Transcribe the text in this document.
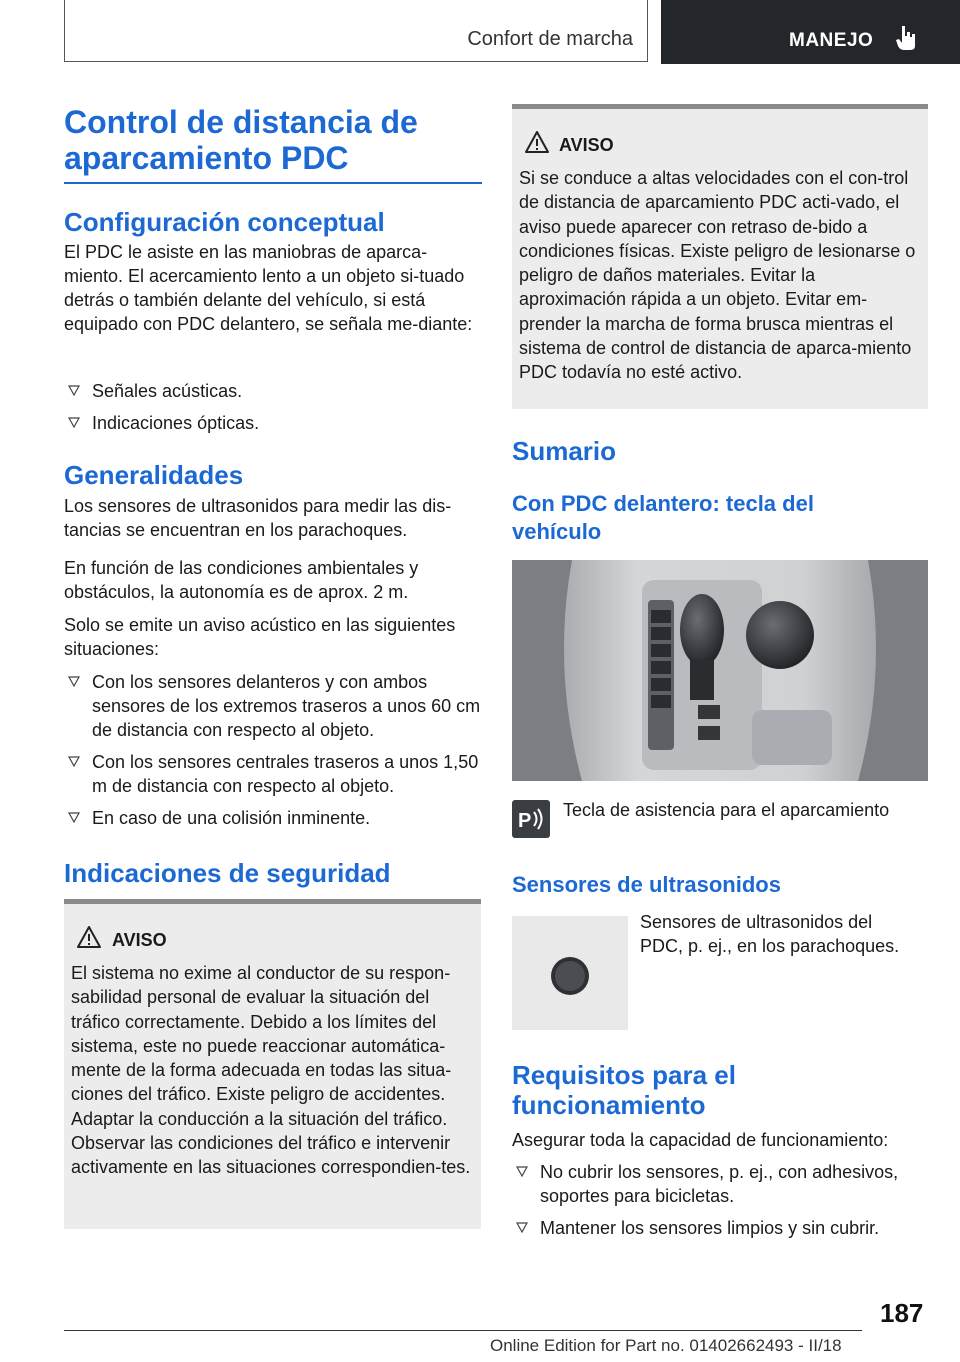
Confort de marcha	MANEJO
Control de distancia de aparcamiento PDC
Configuración conceptual

El PDC le asiste en las maniobras de aparca-miento. El acercamiento lento a un objeto si-tuado detrás o también delante del vehículo, si está equipado con PDC delantero, se señala me-diante:

Señales acústicas.
Indicaciones ópticas.
Generalidades

Los sensores de ultrasonidos para medir las dis-tancias se encuentran en los parachoques.

En función de las condiciones ambientales y obstáculos, la autonomía es de aprox. 2 m.

Solo se emite un aviso acústico en las siguientes situaciones:

Con los sensores delanteros y con ambos sensores de los extremos traseros a unos 60 cm de distancia con respecto al objeto.
Con los sensores centrales traseros a unos 1,50 m de distancia con respecto al objeto.
En caso de una colisión inminente.
Indicaciones de seguridad
AVISO

El sistema no exime al conductor de su respon-sabilidad personal de evaluar la situación del tráfico correctamente. Debido a los límites del sistema, este no puede reaccionar automática-mente de la forma adecuada en todas las situa-ciones del tráfico. Existe peligro de accidentes. Adaptar la conducción a la situación del tráfico. Observar las condiciones del tráfico e intervenir activamente en las situaciones correspondien-tes.

AVISO

Si se conduce a altas velocidades con el con-trol de distancia de aparcamiento PDC acti-vado, el aviso puede aparecer con retraso de-bido a condiciones físicas. Existe peligro de lesionarse o peligro de daños materiales. Evitar la aproximación rápida a un objeto. Evitar em-prender la marcha de forma brusca mientras el sistema de control de distancia de aparca-miento PDC todavía no esté activo.

Sumario
Con PDC delantero: tecla del vehículo
P Tecla de asistencia para el aparcamiento

Sensores de ultrasonidos

Sensores de ultrasonidos del PDC, p. ej., en los parachoques.

Requisitos para el funcionamiento

Asegurar toda la capacidad de funcionamiento:

No cubrir los sensores, p. ej., con adhesivos, soportes para bicicletas.
Mantener los sensores limpios y sin cubrir.
187
Online Edition for Part no. 01402662493 - II/18
